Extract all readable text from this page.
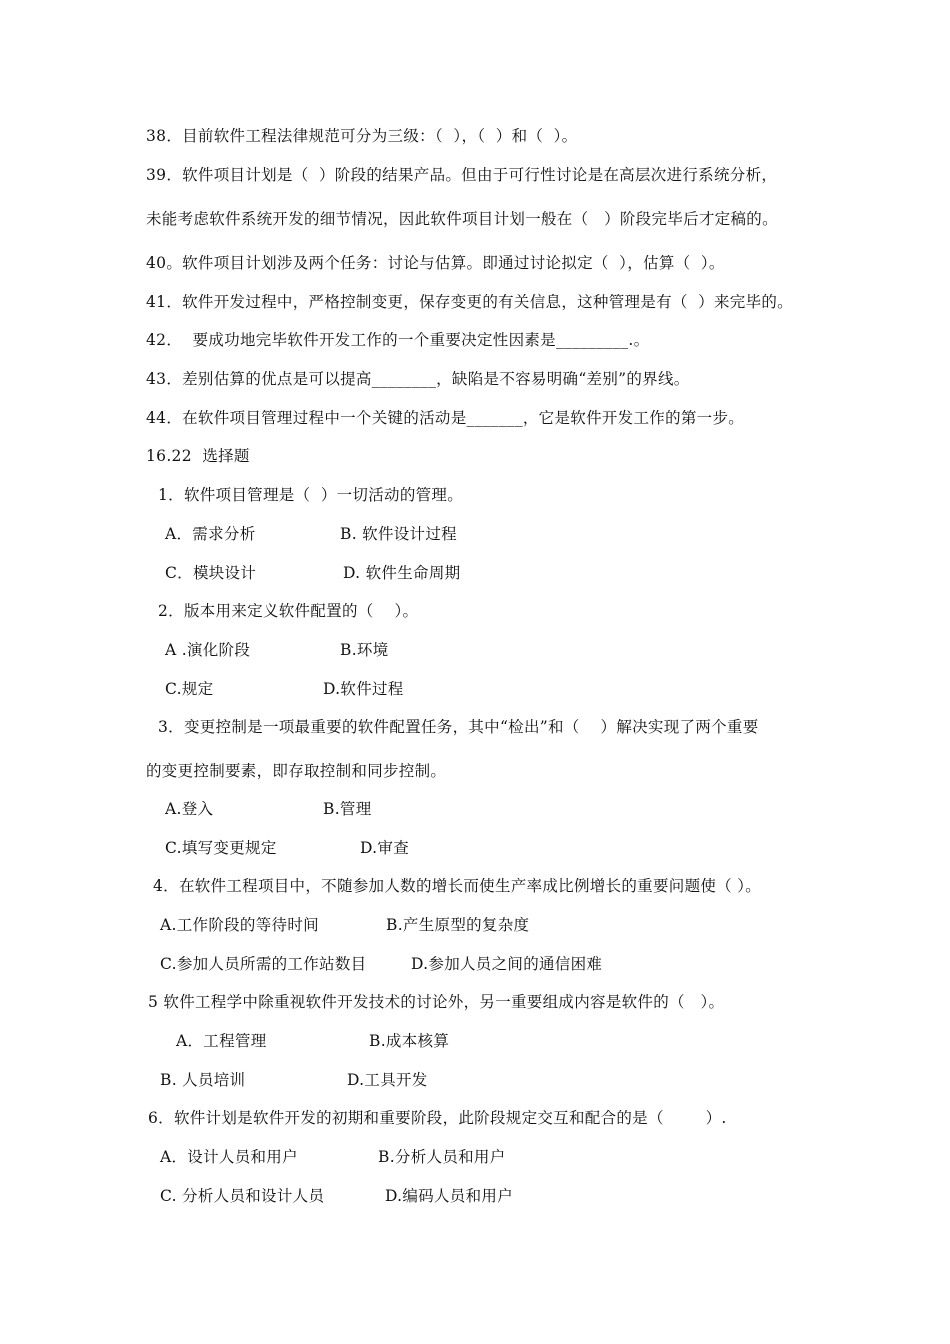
38．目前软件工程法律规范可分为三级：（  ），（  ）和（  ）。
39．软件项目计划是（  ）阶段的结果产品。但由于可行性讨论是在高层次进行系统分析，
未能考虑软件系统开发的细节情况，因此软件项目计划一般在（   ）阶段完毕后才定稿的。
40。软件项目计划涉及两个任务：讨论与估算。即通过讨论拟定（  ），估算（  ）。
41．软件开发过程中，严格控制变更，保存变更的有关信息，这种管理是有（  ）来完毕的。
42．  要成功地完毕软件开发工作的一个重要决定性因素是_________.。
43．差别估算的优点是可以提高________，缺陷是不容易明确“差别”的界线。
44．在软件项目管理过程中一个关键的活动是_______，它是软件开发工作的第一步。
16.22  选择题
1．软件项目管理是（  ）一切活动的管理。
A．需求分析	B. 软件设计过程
C．模块设计	D. 软件生命周期
2．版本用来定义软件配置的（    ）。
A .演化阶段	B.环境
C.规定	D.软件过程
3．变更控制是一项最重要的软件配置任务，其中“检出”和（    ）解决实现了两个重要
的变更控制要素，即存取控制和同步控制。
A.登入	B.管理
C.填写变更规定	D.审查
4．在软件工程项目中，不随参加人数的增长而使生产率成比例增长的重要问题使（ ）。
A.工作阶段的等待时间	B.产生原型的复杂度
C.参加人员所需的工作站数目	D.参加人员之间的通信困难
5 软件工程学中除重视软件开发技术的讨论外，另一重要组成内容是软件的（   ）。
A．工程管理	B.成本核算
B. 人员培训	D.工具开发
6．软件计划是软件开发的初期和重要阶段，此阶段规定交互和配合的是（        ）.
A．设计人员和用户	B.分析人员和用户
C. 分析人员和设计人员	D.编码人员和用户
